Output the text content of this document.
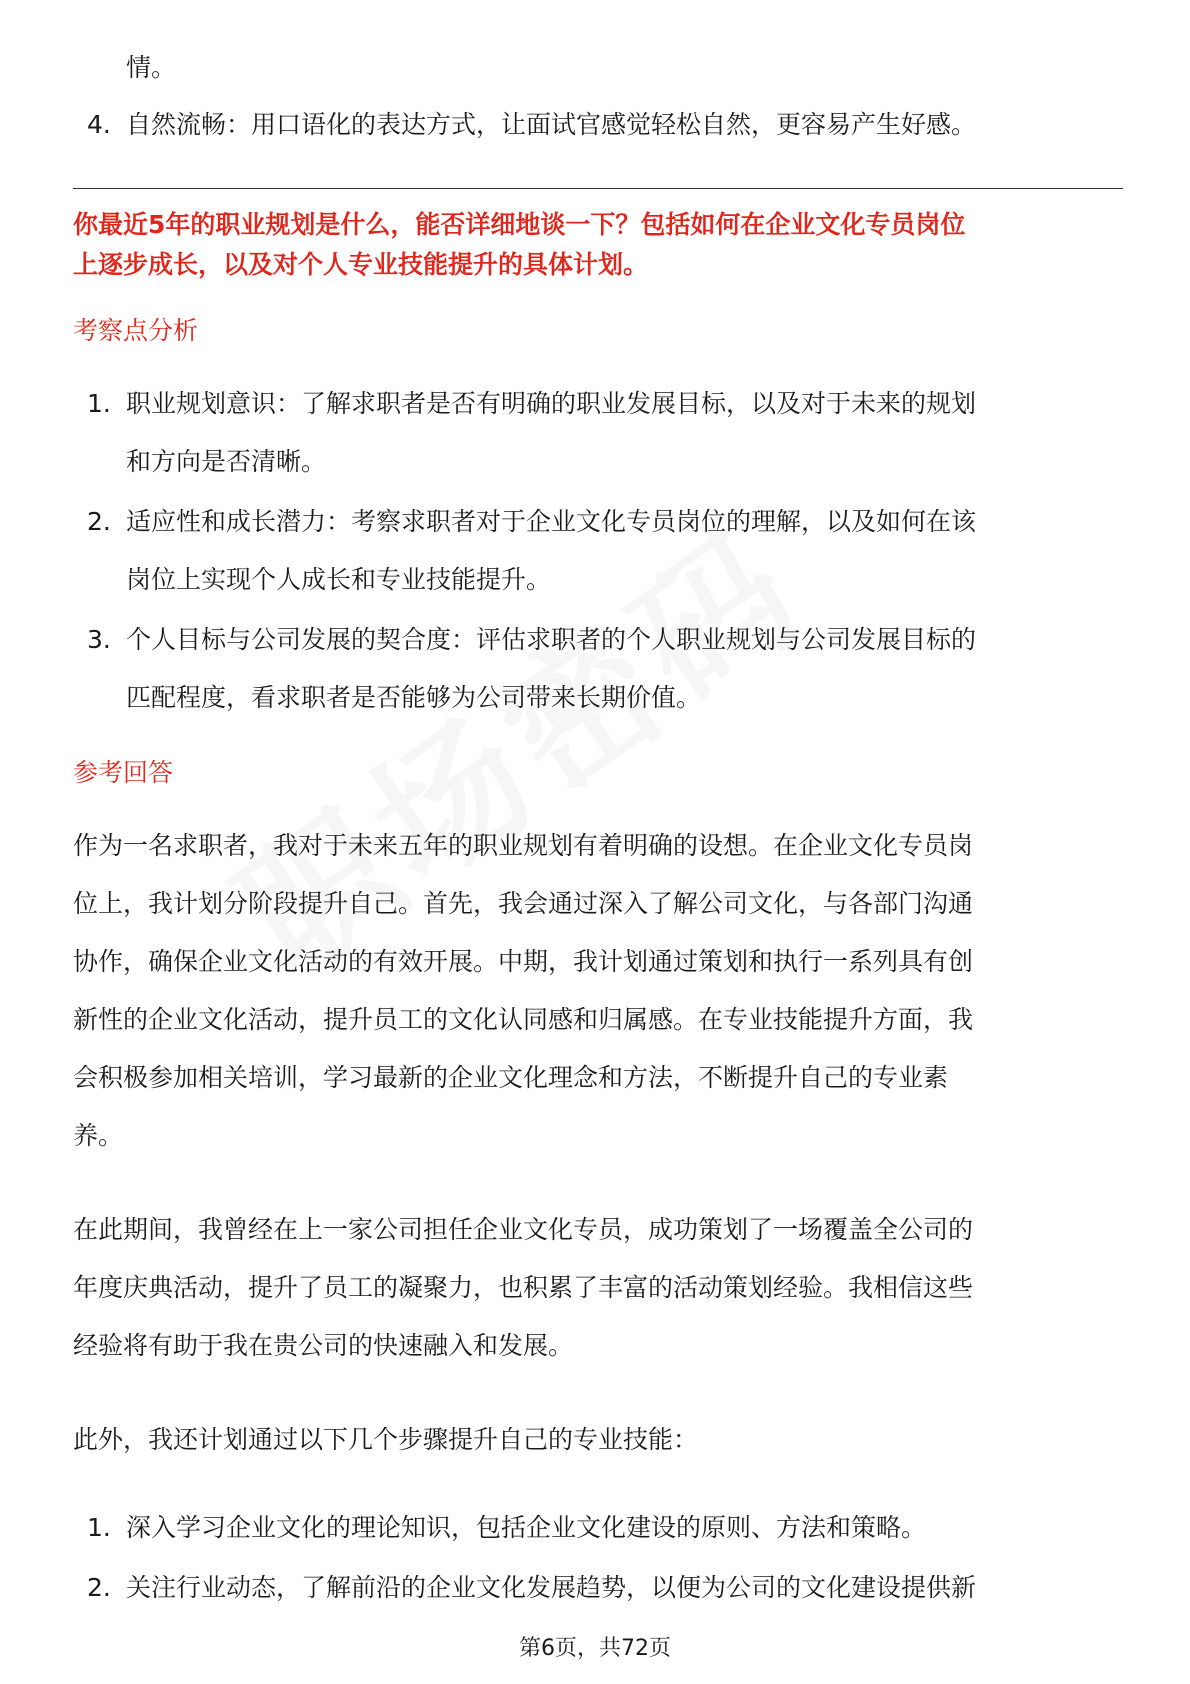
情。

4. 自然流畅：用口语化的表达方式，让面试官感觉轻松自然，更容易产生好感。

你最近5年的职业规划是什么，能否详细地谈一下？包括如何在企业文化专员岗位
上逐步成长，以及对个人专业技能提升的具体计划。

考察点分析
1. 职业规划意识：了解求职者是否有明确的职业发展目标，以及对于未来的规划
和方向是否清晰。
2. 适应性和成长潜力：考察求职者对于企业文化专员岗位的理解，以及如何在该
岗位上实现个人成长和专业技能提升。
3. 个人目标与公司发展的契合度：评估求职者的个人职业规划与公司发展目标的
匹配程度，看求职者是否能够为公司带来长期价值。
参考回答

作为一名求职者，我对于未来五年的职业规划有着明确的设想。在企业文化专员岗
位上，我计划分阶段提升自己。首先，我会通过深入了解公司文化，与各部门沟通
协作，确保企业文化活动的有效开展。中期，我计划通过策划和执行一系列具有创
新性的企业文化活动，提升员工的文化认同感和归属感。在专业技能提升方面，我
会积极参加相关培训，学习最新的企业文化理念和方法，不断提升自己的专业素
养。

在此期间，我曾经在上一家公司担任企业文化专员，成功策划了一场覆盖全公司的
年度庆典活动，提升了员工的凝聚力，也积累了丰富的活动策划经验。我相信这些
经验将有助于我在贵公司的快速融入和发展。

此外，我还计划通过以下几个步骤提升自己的专业技能：

1. 深入学习企业文化的理论知识，包括企业文化建设的原则、方法和策略。
2. 关注行业动态，了解前沿的企业文化发展趋势，以便为公司的文化建设提供新
第6页，共72页
